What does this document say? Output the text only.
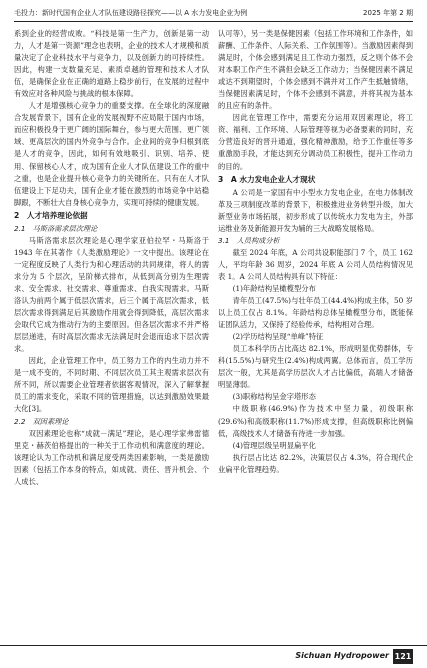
毛投力：新时代国有企业人才队伍建设路径探究——以 A 水力发电企业为例	2025 年第 2 期

系到企业的经营成败。“科技是第一生产力，创新是第一动力，人才是第一资源”理念也表明，企业的技术人才规模和质量决定了企业科技水平与竞争力，以及创新力的可持续性。因此，构建一支数量充足、素质卓越的管理和技术人才队伍，是确保企业在正确的道路上稳步前行，在发展的过程中有效应对各种风险与挑战的根本保障。

人才是增强核心竞争力的重要支撑。在全球化的深度融合发展背景下，国有企业的发展视野不应局限于国内市场，而应积极投身于更广阔的国际舞台，参与更大范围、更广领域、更高层次的国内外竞争与合作。企业间的竞争归根到底是人才的竞争，因此，如何有效地吸引、识别、培养、使用、保留核心人才，成为国有企业人才队伍建设工作的重中之重，也是企业提升核心竞争力的关键所在。只有在人才队伍建设上下足功夫，国有企业才能在激烈的市场竞争中站稳脚跟，不断壮大自身核心竞争力，实现可持续的健康发展。

2　人才培养理论依据
2.1　马斯洛需求层次理论

马斯洛需求层次理论是心理学家亚伯拉罕・马斯洛于 1943 年在其著作《人类激励理论》一文中提出。该理论在一定程度反映了人类行为和心理活动的共同规律，将人的需求分为 5 个层次，呈阶梯式排布，从低到高分别为生理需求、安全需求、社交需求、尊重需求、自我实现需求。马斯洛认为前两个属于低层次需求，后三个属于高层次需求，低层次需求得到满足后其激励作用就会得到降低，高层次需求会取代它成为推动行为的主要原因。但各层次需求不并严格层层递进，有时高层次需求无法满足时会退而追求下层次需求。

因此，企业管理工作中，员工努力工作的内生动力并不是一成不变的，不同时期、不同层次员工其主观需求层次有所不同，所以需要企业管理者依据客观情况，深入了解掌握员工的需求变化，采取不同的管理措施，以达到激励效果最大化[3]。

2.2　双因素理论

双因素理论也称“成就－满足”理论，是心理学家弗雷德里克・赫茨伯格提出的一种关于工作动机和满意度的理论。该理论认为工作动机和满足度受两类因素影响，一类是激励因素（包括工作本身的特点，如成就、责任、晋升机会、个人成长、

认可等），另一类是保健因素（包括工作环境和工作条件，如薪酬、工作条件、人际关系、工作氛围等）。当激励因素得到满足时，个体会感到满足且工作动力强烈，反之则个体不会对本职工作产生不满但会缺乏工作动力；当保健因素不满足或达不到期望时，个体会感到不满并对工作产生抵触情绪，当保健因素满足时，个体不会感到不满意，并将其视为基本的且应有的条件。

因此在管理工作中，需要充分运用双因素理论，将工资、福利、工作环境、人际管理等视为必备要素的同时，充分营造良好的晋升通道，强化精神激励，给予工作重任等多重激励手段，才能达到充分调动员工积极性，提升工作动力的目的。

3　A 水力发电企业人才现状

A 公司是一家国有中小型水力发电企业，在电力体制改革及三项制度改革的背景下，积极推进业务转型升级，加大新型业务市场拓展，初步形成了以传统水力发电为主，外部运维业务及新能源开发为辅的三大战略发展格局。

3.1　人员构成分析

截至 2024 年底，A 公司共设职能部门 7 个，员工 162 人，平均年龄 36 周岁，2024 年底 A 公司人员结构情况见表 1。A 公司人员结构具有以下特征：

(1)年龄结构呈橄榄型分布

青年员工(47.5%)与壮年员工(44.4%)构成主体，50 岁以上员工仅占 8.1%。年龄结构总体呈橄榄型分布，既能保证团队活力，又保持了经验传承，结构相对合理。

(2)学历结构呈现“单峰”特征

员工本科学历占比高达 82.1%，形成明显优势群体，专科(15.5%)与研究生(2.4%)构成两翼。总体而言，员工学历层次一般，尤其是高学历层次人才占比偏低，高端人才储备明显薄弱。

(3)职称结构呈金字塔形态

中级职称(46.9%)作为技术中坚力量，初级职称(29.6%)和高级职称(11.7%)形成支撑，但高级职称比例偏低，高级技术人才储备有待进一步加强。

(4)管理层级呈明显扁平化

执行层占比达 82.2%，决策层仅占 4.3%，符合现代企业扁平化管理趋势。

Sichuan Hydropower 121
